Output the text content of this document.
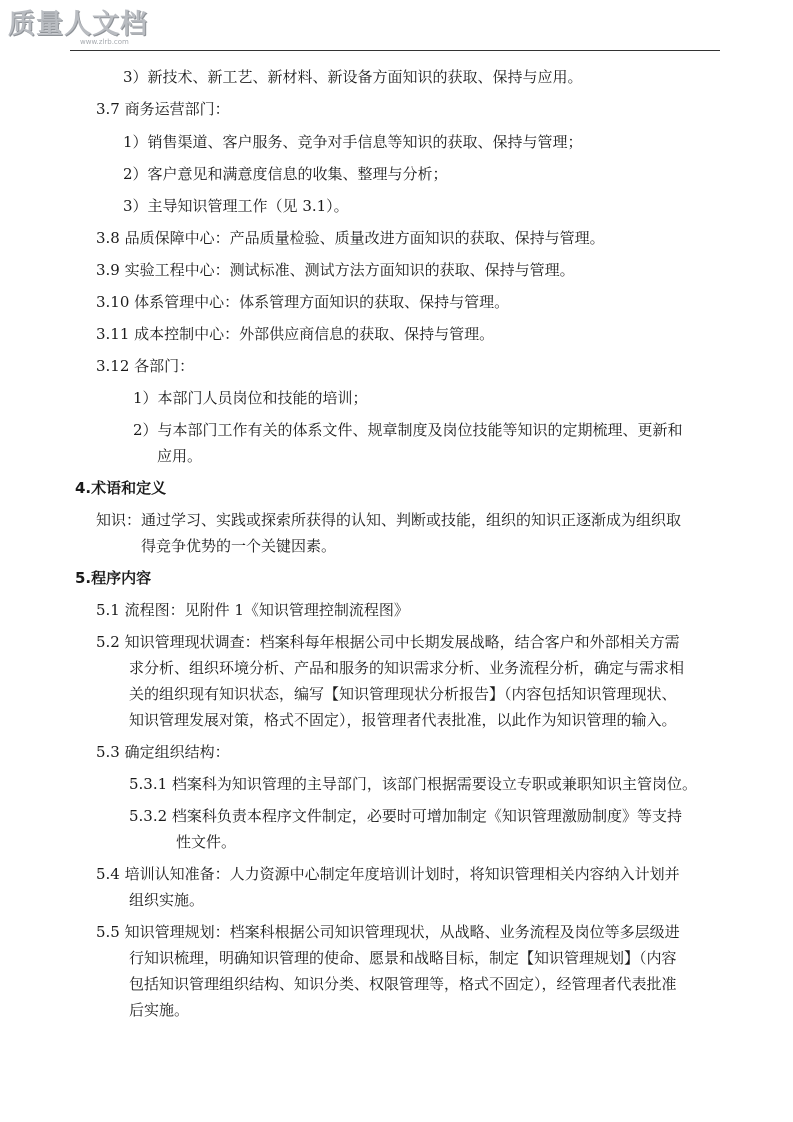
质量人文档
www.zlrb.com
3）新技术、新工艺、新材料、新设备方面知识的获取、保持与应用。
3.7 商务运营部门：
1）销售渠道、客户服务、竞争对手信息等知识的获取、保持与管理；
2）客户意见和满意度信息的收集、整理与分析；
3）主导知识管理工作（见 3.1）。
3.8 品质保障中心：产品质量检验、质量改进方面知识的获取、保持与管理。
3.9 实验工程中心：测试标准、测试方法方面知识的获取、保持与管理。
3.10 体系管理中心：体系管理方面知识的获取、保持与管理。
3.11 成本控制中心：外部供应商信息的获取、保持与管理。
3.12 各部门：
1）本部门人员岗位和技能的培训；
2）与本部门工作有关的体系文件、规章制度及岗位技能等知识的定期梳理、更新和
应用。
4.术语和定义
知识：通过学习、实践或探索所获得的认知、判断或技能，组织的知识正逐渐成为组织取
得竞争优势的一个关键因素。
5.程序内容
5.1 流程图：见附件 1《知识管理控制流程图》
5.2 知识管理现状调查：档案科每年根据公司中长期发展战略，结合客户和外部相关方需
求分析、组织环境分析、产品和服务的知识需求分析、业务流程分析，确定与需求相
关的组织现有知识状态，编写【知识管理现状分析报告】（内容包括知识管理现状、
知识管理发展对策，格式不固定），报管理者代表批准，以此作为知识管理的输入。
5.3 确定组织结构：
5.3.1 档案科为知识管理的主导部门，该部门根据需要设立专职或兼职知识主管岗位。
5.3.2 档案科负责本程序文件制定，必要时可增加制定《知识管理激励制度》等支持
性文件。
5.4 培训认知准备：人力资源中心制定年度培训计划时，将知识管理相关内容纳入计划并
组织实施。
5.5 知识管理规划：档案科根据公司知识管理现状，从战略、业务流程及岗位等多层级进
行知识梳理，明确知识管理的使命、愿景和战略目标，制定【知识管理规划】（内容
包括知识管理组织结构、知识分类、权限管理等，格式不固定），经管理者代表批准
后实施。
